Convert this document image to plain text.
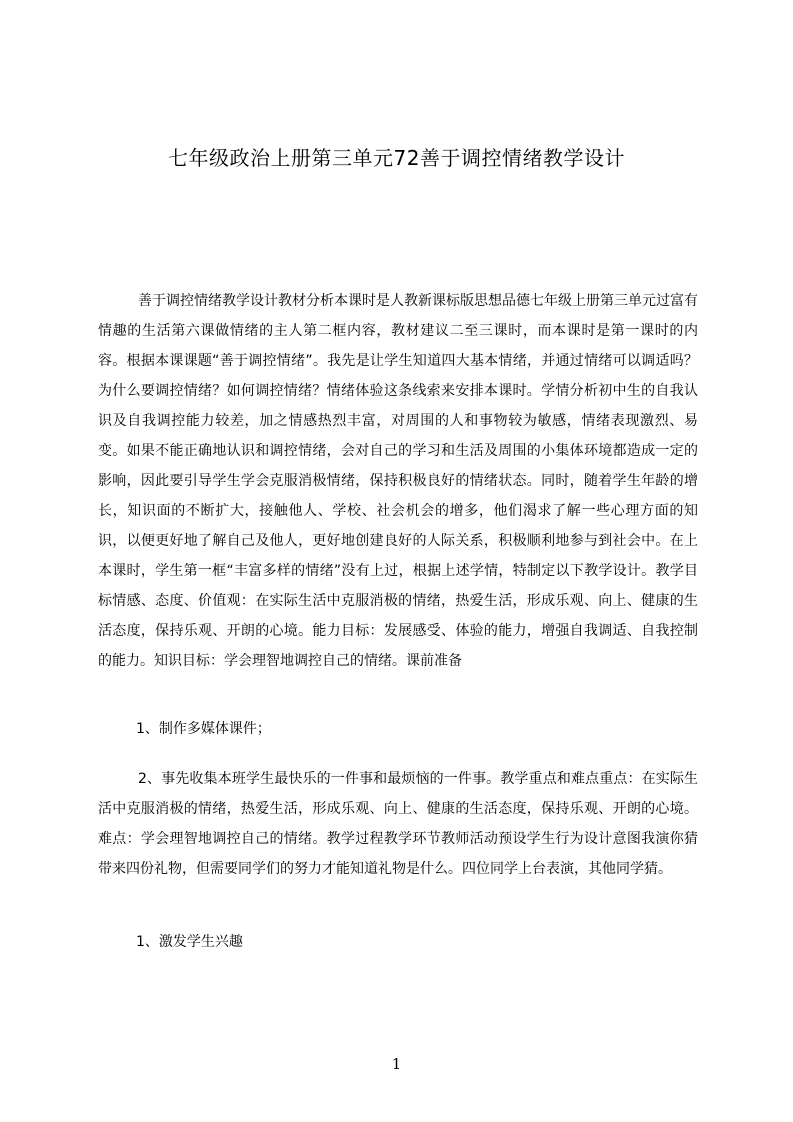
七年级政治上册第三单元72善于调控情绪教学设计
善于调控情绪教学设计教材分析本课时是人教新课标版思想品德七年级上册第三单元过富有情趣的生活第六课做情绪的主人第二框内容，教材建议二至三课时，而本课时是第一课时的内容。根据本课课题“善于调控情绪”。我先是让学生知道四大基本情绪，并通过情绪可以调适吗？为什么要调控情绪？如何调控情绪？情绪体验这条线索来安排本课时。学情分析初中生的自我认识及自我调控能力较差，加之情感热烈丰富，对周围的人和事物较为敏感，情绪表现激烈、易变。如果不能正确地认识和调控情绪，会对自己的学习和生活及周围的小集体环境都造成一定的影响，因此要引导学生学会克服消极情绪，保持积极良好的情绪状态。同时，随着学生年龄的增长，知识面的不断扩大，接触他人、学校、社会机会的增多，他们渴求了解一些心理方面的知识，以便更好地了解自己及他人，更好地创建良好的人际关系，积极顺利地参与到社会中。在上本课时，学生第一框“丰富多样的情绪”没有上过，根据上述学情，特制定以下教学设计。教学目标情感、态度、价值观：在实际生活中克服消极的情绪，热爱生活，形成乐观、向上、健康的生活态度，保持乐观、开朗的心境。能力目标：发展感受、体验的能力，增强自我调适、自我控制的能力。知识目标：学会理智地调控自己的情绪。课前准备
1、制作多媒体课件；
2、事先收集本班学生最快乐的一件事和最烦恼的一件事。教学重点和难点重点：在实际生活中克服消极的情绪，热爱生活，形成乐观、向上、健康的生活态度，保持乐观、开朗的心境。难点：学会理智地调控自己的情绪。教学过程教学环节教师活动预设学生行为设计意图我演你猜带来四份礼物，但需要同学们的努力才能知道礼物是什么。四位同学上台表演，其他同学猜。
1、激发学生兴趣
1
